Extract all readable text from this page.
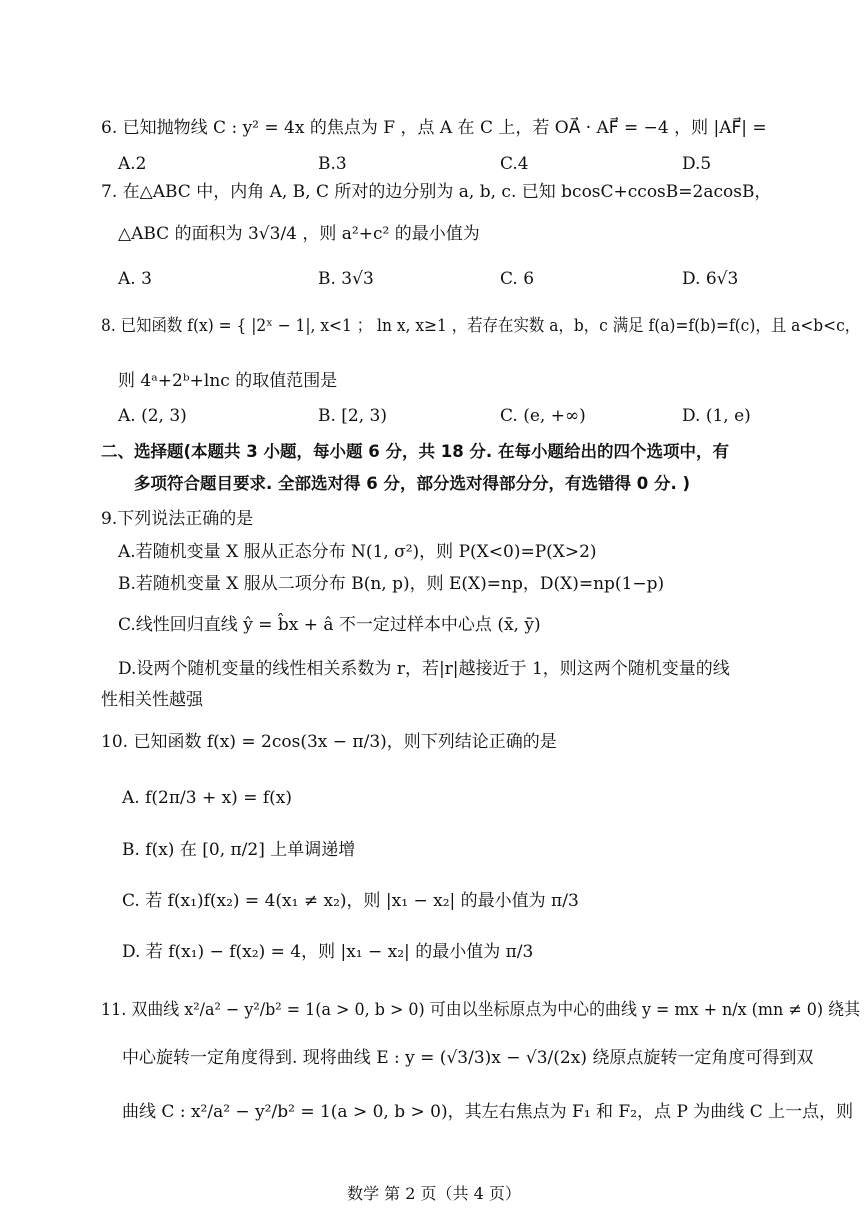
6. 已知抛物线 C : y² = 4x 的焦点为 F ，点 A 在 C 上，若 OA⃗ · AF⃗ = −4 ，则 |AF⃗| =
A.2	B.3	C.4	D.5
7. 在△ABC 中，内角 A, B, C 所对的边分别为 a, b, c. 已知 bcosC+ccosB=2acosB，
△ABC 的面积为 3√3/4 ，则 a²+c² 的最小值为
A. 3	B. 3√3	C. 6	D. 6√3
8. 已知函数 f(x) = { |2ˣ − 1|, x<1 ； ln x, x≥1 ，若存在实数 a，b，c 满足 f(a)=f(b)=f(c)，且 a<b<c，
则 4ᵃ+2ᵇ+lnc 的取值范围是
A. (2, 3)	B. [2, 3)	C. (e, +∞)	D. (1, e)
二、选择题(本题共 3 小题，每小题 6 分，共 18 分. 在每小题给出的四个选项中，有
多项符合题目要求. 全部选对得 6 分，部分选对得部分分，有选错得 0 分. )
9.下列说法正确的是
A.若随机变量 X 服从正态分布 N(1, σ²)，则 P(X<0)=P(X>2)
B.若随机变量 X 服从二项分布 B(n, p)，则 E(X)=np，D(X)=np(1−p)
C.线性回归直线 ŷ = b̂x + â 不一定过样本中心点 (x̄, ȳ)
D.设两个随机变量的线性相关系数为 r，若|r|越接近于 1，则这两个随机变量的线
性相关性越强
10. 已知函数 f(x) = 2cos(3x − π/3)，则下列结论正确的是
A. f(2π/3 + x) = f(x)
B. f(x) 在 [0, π/2] 上单调递增
C. 若 f(x₁)f(x₂) = 4(x₁ ≠ x₂)，则 |x₁ − x₂| 的最小值为 π/3
D. 若 f(x₁) − f(x₂) = 4，则 |x₁ − x₂| 的最小值为 π/3
11. 双曲线 x²/a² − y²/b² = 1(a > 0, b > 0) 可由以坐标原点为中心的曲线 y = mx + n/x (mn ≠ 0) 绕其
中心旋转一定角度得到. 现将曲线 E : y = (√3/3)x − √3/(2x) 绕原点旋转一定角度可得到双
曲线 C : x²/a² − y²/b² = 1(a > 0, b > 0)，其左右焦点为 F₁ 和 F₂，点 P 为曲线 C 上一点，则
数学 第 2 页（共 4 页）
